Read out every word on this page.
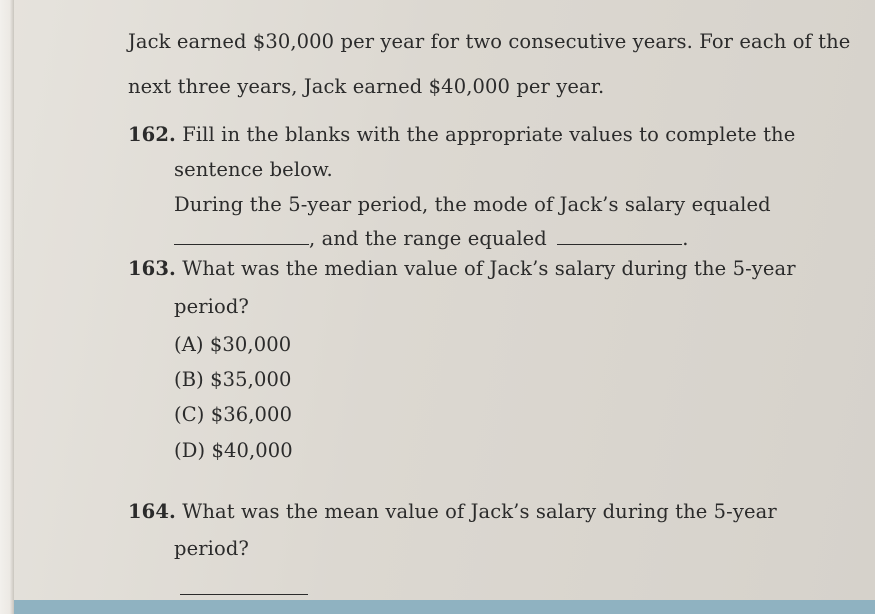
Jack earned $30,000 per year for two consecutive years. For each of the
next three years, Jack earned $40,000 per year.
162. Fill in the blanks with the appropriate values to complete the
sentence below.
During the 5-year period, the mode of Jack’s salary equaled
, and the range equaled	.
163. What was the median value of Jack’s salary during the 5-year
period?
(A) $30,000
(B) $35,000
(C) $36,000
(D) $40,000
164. What was the mean value of Jack’s salary during the 5-year
period?
